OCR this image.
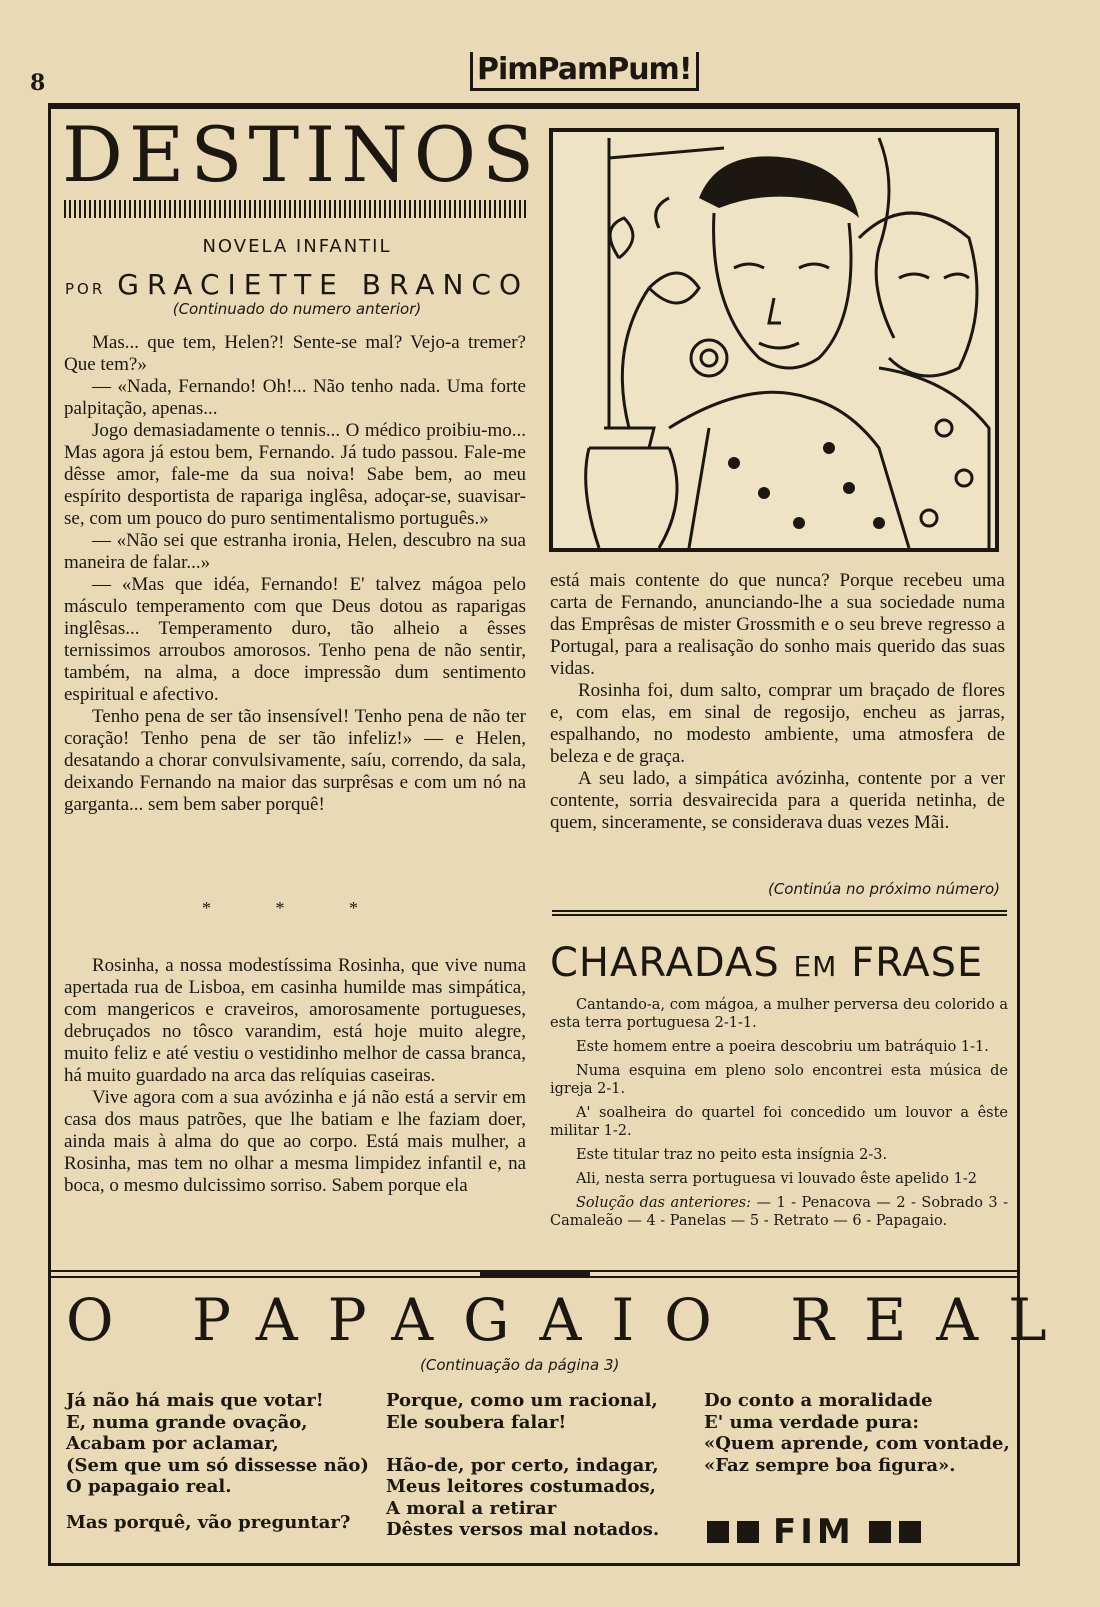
8	PimPamPum!
DESTINOS
NOVELA INFANTIL
POR GRACIETTE BRANCO
(Continuado do numero anterior)

Mas... que tem, Helen?! Sente-se mal? Vejo-a tremer? Que tem?»

— «Nada, Fernando! Oh!... Não tenho nada. Uma forte palpitação, apenas...

Jogo demasiadamente o tennis... O médico proibiu-mo... Mas agora já estou bem, Fernando. Já tudo passou. Fale-me dêsse amor, fale-me da sua noiva! Sabe bem, ao meu espírito desportista de rapariga inglêsa, adoçar-se, suavisar-se, com um pouco do puro sentimentalismo português.»

— «Não sei que estranha ironia, Helen, descubro na sua maneira de falar...»

— «Mas que idéa, Fernando! E' talvez mágoa pelo másculo temperamento com que Deus dotou as raparigas inglêsas... Temperamento duro, tão alheio a êsses ternissimos arroubos amorosos. Tenho pena de não sentir, também, na alma, a doce impressão dum sentimento espiritual e afectivo.

Tenho pena de ser tão insensível! Tenho pena de não ter coração! Tenho pena de ser tão infeliz!» — e Helen, desatando a chorar convulsivamente, saíu, correndo, da sala, deixando Fernando na maior das surprêsas e com um nó na garganta... sem bem saber porquê!

* * *

Rosinha, a nossa modestíssima Rosinha, que vive numa apertada rua de Lisboa, em casinha humilde mas simpática, com mangericos e craveiros, amorosamente portugueses, debruçados no tôsco varandim, está hoje muito alegre, muito feliz e até vestiu o vestidinho melhor de cassa branca, há muito guardado na arca das relíquias caseiras.

Vive agora com a sua avózinha e já não está a servir em casa dos maus patrões, que lhe batiam e lhe faziam doer, ainda mais à alma do que ao corpo. Está mais mulher, a Rosinha, mas tem no olhar a mesma limpidez infantil e, na boca, o mesmo dulcissimo sorriso. Sabem porque ela

está mais contente do que nunca? Porque recebeu uma carta de Fernando, anunciando-lhe a sua sociedade numa das Emprêsas de mister Grossmith e o seu breve regresso a Portugal, para a realisação do sonho mais querido das suas vidas.

Rosinha foi, dum salto, comprar um braçado de flores e, com elas, em sinal de regosijo, encheu as jarras, espalhando, no modesto ambiente, uma atmosfera de beleza e de graça.

A seu lado, a simpática avózinha, contente por a ver contente, sorria desvairecida para a querida netinha, de quem, sinceramente, se considerava duas vezes Mãi.

(Continúa no próximo número)
CHARADAS EM FRASE

Cantando-a, com mágoa, a mulher perversa deu colorido a esta terra portuguesa 2-1-1.

Este homem entre a poeira descobriu um batráquio 1-1.

Numa esquina em pleno solo encontrei esta música de igreja 2-1.

A' soalheira do quartel foi concedido um louvor a êste militar 1-2.

Este titular traz no peito esta insígnia 2-3.

Ali, nesta serra portuguesa vi louvado êste apelido 1-2

Solução das anteriores: — 1 - Penacova — 2 - Sobrado 3 - Camaleão — 4 - Panelas — 5 - Retrato — 6 - Papagaio.

O PAPAGAIO REAL
(Continuação da página 3)
Já não há mais que votar!
E, numa grande ovação,
Acabam por aclamar,
(Sem que um só dissesse não)
O papagaio real.
Mas porquê, vão preguntar?
Porque, como um racional,
Ele soubera falar!

Hão-de, por certo, indagar,
Meus leitores costumados,
A moral a retirar
Dêstes versos mal notados.
Do conto a moralidade
E' uma verdade pura:
«Quem aprende, com vontade,
«Faz sempre boa figura».
FIM
